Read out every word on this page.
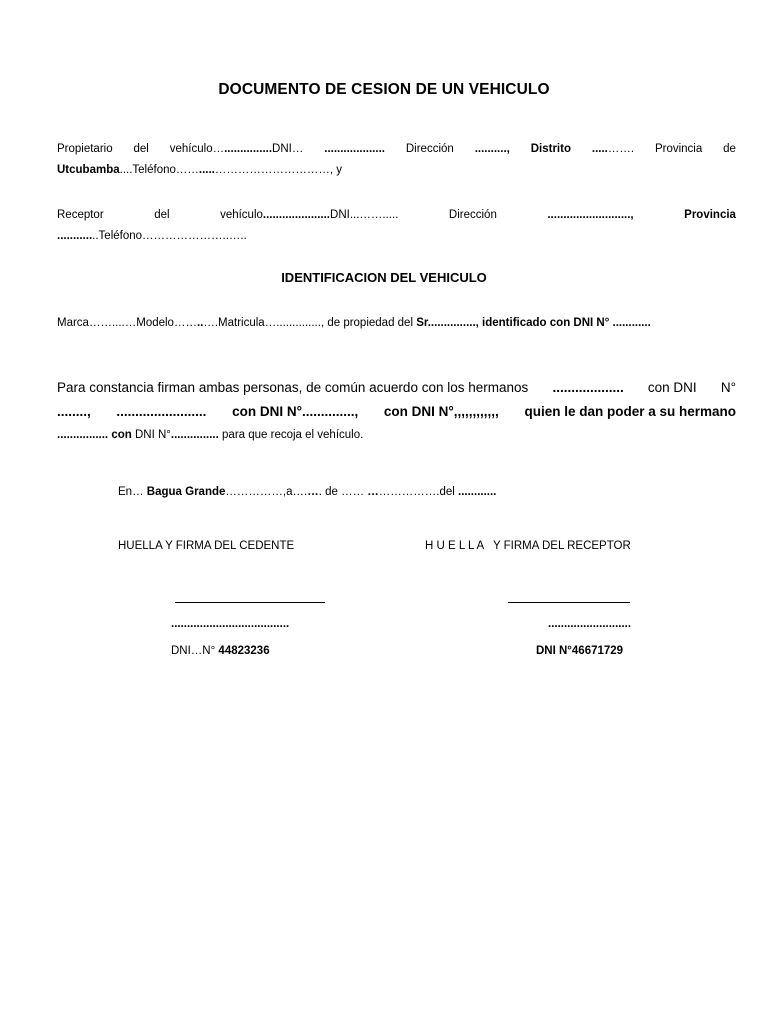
DOCUMENTO DE CESION DE UN VEHICULO
Propietario del vehículo…...............DNI… ................... Dirección .........., Distrito .....……. Provincia de
Utcubamba....Teléfono…….....…………………………, y
Receptor	del	vehículo.....................DNI...…….....	Dirección	..........................,	Provincia
.............Teléfono…………………..…..
IDENTIFICACION DEL VEHICULO
Marca……....…Modelo……..….Matricula….............., de propiedad del Sr..............., identificado con DNI N° ............
Para constancia firman ambas personas, de común acuerdo con los hermanos ................... con DNI N°
........, ........................ con DNI N°.............., con DNI N°,,,,,,,,,,,, quien le dan poder a su hermano
................ con DNI N°............... para que recoja el vehículo.
En… Bagua Grande……………,a….…. de …… ……………….del ............
HUELLA Y FIRMA DEL CEDENTE	H U E L L A   Y FIRMA DEL RECEPTOR
.....................................	..........................
DNI…N° 44823236	DNI N°46671729
